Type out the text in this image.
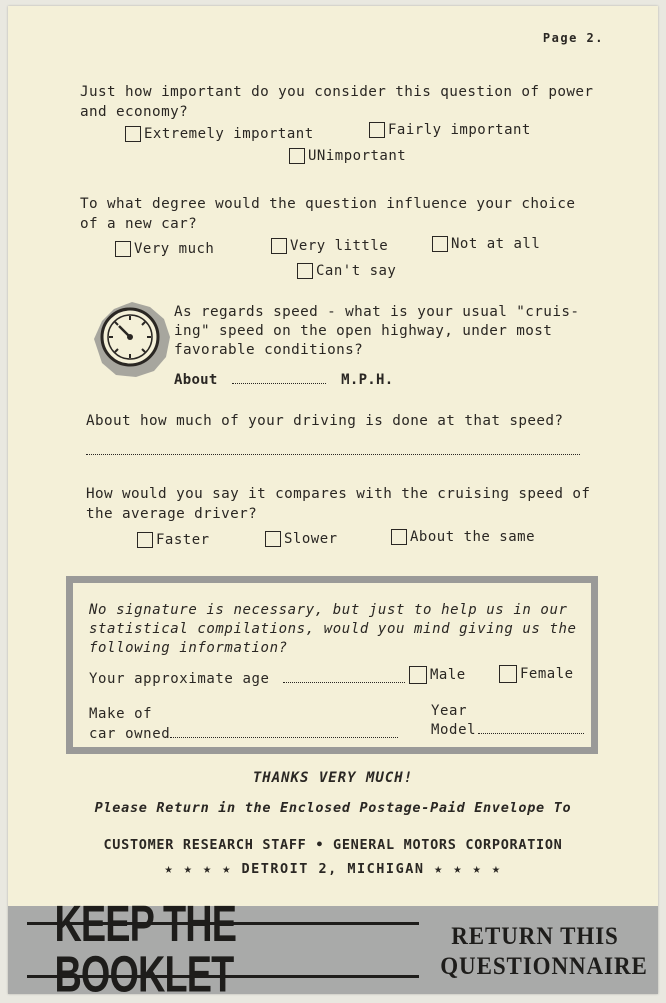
Page 2.
Just how important do you consider this question of power and economy?
Extremely important	Fairly important
UNimportant
To what degree would the question influence your choice of a new car?
Very much	Very little	Not at all
Can't say
As regards speed - what is your usual "cruis- ing" speed on the open highway, under most favorable conditions?
About	M.P.H.
About how much of your driving is done at that speed?
How would you say it compares with the cruising speed of the average driver?
Faster	Slower	About the same
No signature is necessary, but just to help us in our
statistical compilations, would you mind giving us the
following information?
Your approximate age	Male	Female
Make of
car owned
Year
Model
THANKS VERY MUCH!
Please Return in the Enclosed Postage-Paid Envelope To
CUSTOMER RESEARCH STAFF • GENERAL MOTORS CORPORATION
★ ★ ★ ★ DETROIT 2, MICHIGAN ★ ★ ★ ★
KEEP THE BOOKLET
RETURN THIS
QUESTIONNAIRE
